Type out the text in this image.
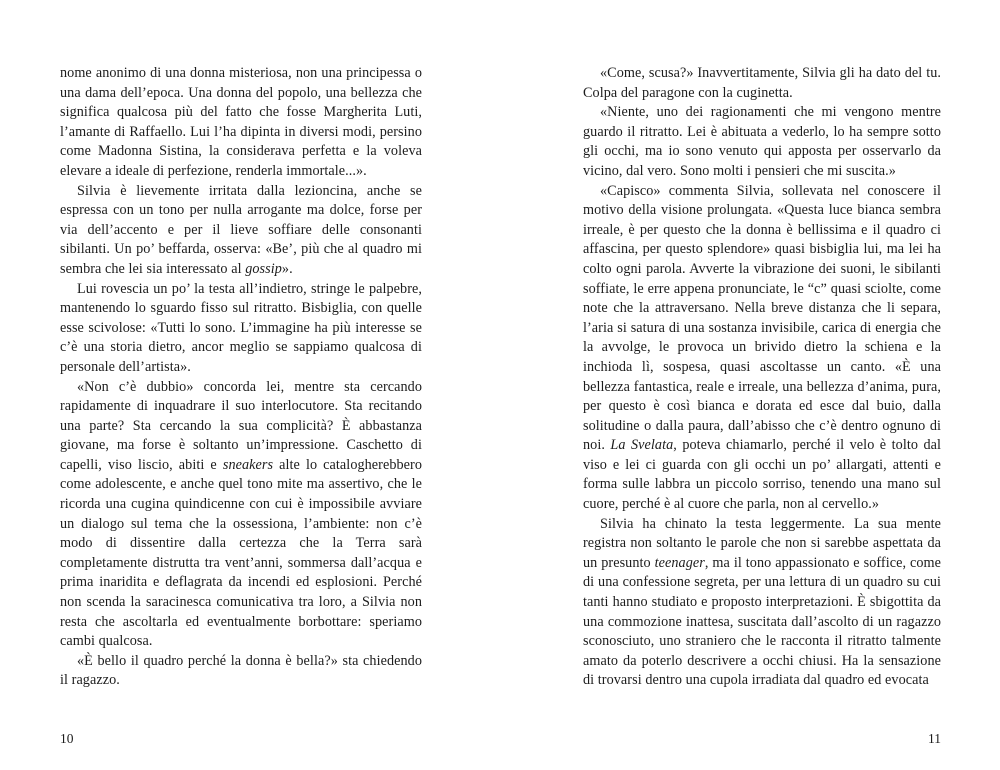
nome anonimo di una donna misteriosa, non una principessa o una dama dell’epoca. Una donna del popolo, una bellezza che significa qualcosa più del fatto che fosse Margherita Luti, l’amante di Raffaello. Lui l’ha dipinta in diversi modi, persino come Madonna Sistina, la considerava perfetta e la voleva elevare a ideale di perfezione, renderla immortale...».

Silvia è lievemente irritata dalla lezioncina, anche se espressa con un tono per nulla arrogante ma dolce, forse per via dell’accento e per il lieve soffiare delle consonanti sibilanti. Un po’ beffarda, osserva: «Be’, più che al quadro mi sembra che lei sia interessato al gossip».

Lui rovescia un po’ la testa all’indietro, stringe le palpebre, mantenendo lo sguardo fisso sul ritratto. Bisbiglia, con quelle esse scivolose: «Tutti lo sono. L’immagine ha più interesse se c’è una storia dietro, ancor meglio se sappiamo qualcosa di personale dell’artista».

«Non c’è dubbio» concorda lei, mentre sta cercando rapidamente di inquadrare il suo interlocutore. Sta recitando una parte? Sta cercando la sua complicità? È abbastanza giovane, ma forse è soltanto un’impressione. Caschetto di capelli, viso liscio, abiti e sneakers alte lo catalogherebbero come adolescente, e anche quel tono mite ma assertivo, che le ricorda una cugina quindicenne con cui è impossibile avviare un dialogo sul tema che la ossessiona, l’ambiente: non c’è modo di dissentire dalla certezza che la Terra sarà completamente distrutta tra vent’anni, sommersa dall’acqua e prima inaridita e deflagrata da incendi ed esplosioni. Perché non scenda la saracinesca comunicativa tra loro, a Silvia non resta che ascoltarla ed eventualmente borbottare: speriamo cambi qualcosa.

«È bello il quadro perché la donna è bella?» sta chiedendo il ragazzo.

«Come, scusa?» Inavvertitamente, Silvia gli ha dato del tu. Colpa del paragone con la cuginetta.

«Niente, uno dei ragionamenti che mi vengono mentre guardo il ritratto. Lei è abituata a vederlo, lo ha sempre sotto gli occhi, ma io sono venuto qui apposta per osservarlo da vicino, dal vero. Sono molti i pensieri che mi suscita.»

«Capisco» commenta Silvia, sollevata nel conoscere il motivo della visione prolungata. «Questa luce bianca sembra irreale, è per questo che la donna è bellissima e il quadro ci affascina, per questo splendore» quasi bisbiglia lui, ma lei ha colto ogni parola. Avverte la vibrazione dei suoni, le sibilanti soffiate, le erre appena pronunciate, le “c” quasi sciolte, come note che la attraversano. Nella breve distanza che li separa, l’aria si satura di una sostanza invisibile, carica di energia che la avvolge, le provoca un brivido dietro la schiena e la inchioda lì, sospesa, quasi ascoltasse un canto. «È una bellezza fantastica, reale e irreale, una bellezza d’anima, pura, per questo è così bianca e dorata ed esce dal buio, dalla solitudine o dalla paura, dall’abisso che c’è dentro ognuno di noi. La Svelata, poteva chiamarlo, perché il velo è tolto dal viso e lei ci guarda con gli occhi un po’ allargati, attenti e forma sulle labbra un piccolo sorriso, tenendo una mano sul cuore, perché è al cuore che parla, non al cervello.»

Silvia ha chinato la testa leggermente. La sua mente registra non soltanto le parole che non si sarebbe aspettata da un presunto teenager, ma il tono appassionato e soffice, come di una confessione segreta, per una lettura di un quadro su cui tanti hanno studiato e proposto interpretazioni. È sbigottita da una commozione inattesa, suscitata dall’ascolto di un ragazzo sconosciuto, uno straniero che le racconta il ritratto talmente amato da poterlo descrivere a occhi chiusi. Ha la sensazione di trovarsi dentro una cupola irradiata dal quadro ed evocata

10	11
